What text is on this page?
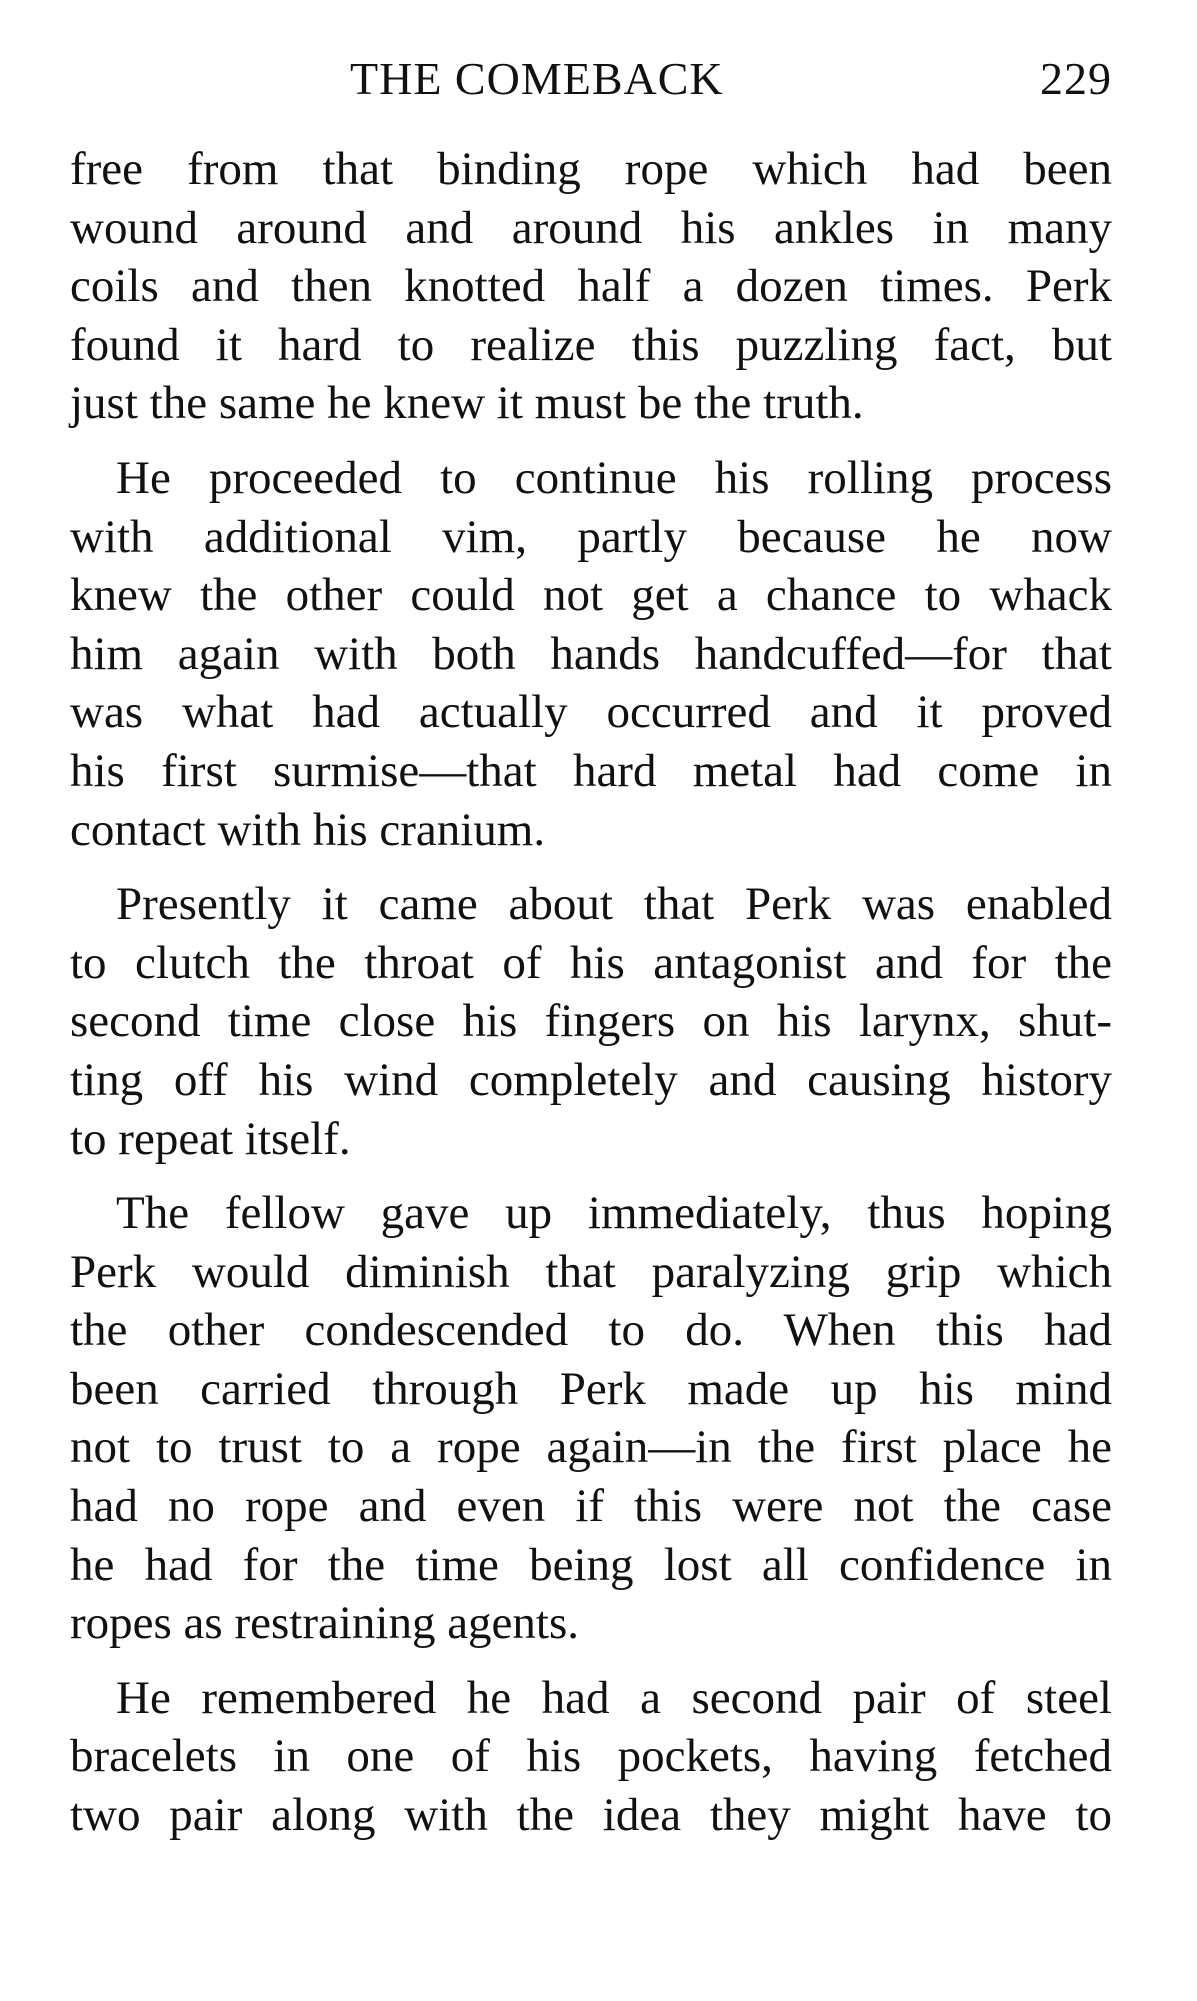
THE COMEBACK	229

free from that binding rope which had been
wound around and around his ankles in many
coils and then knotted half a dozen times. Perk
found it hard to realize this puzzling fact, but
just the same he knew it must be the truth.

He proceeded to continue his rolling process
with additional vim, partly because he now
knew the other could not get a chance to whack
him again with both hands handcuffed—for that
was what had actually occurred and it proved
his first surmise—that hard metal had come in
contact with his cranium.

Presently it came about that Perk was enabled
to clutch the throat of his antagonist and for the
second time close his fingers on his larynx, shut-
ting off his wind completely and causing history
to repeat itself.

The fellow gave up immediately, thus hoping
Perk would diminish that paralyzing grip which
the other condescended to do. When this had
been carried through Perk made up his mind
not to trust to a rope again—in the first place he
had no rope and even if this were not the case
he had for the time being lost all confidence in
ropes as restraining agents.

He remembered he had a second pair of steel
bracelets in one of his pockets, having fetched
two pair along with the idea they might have to
